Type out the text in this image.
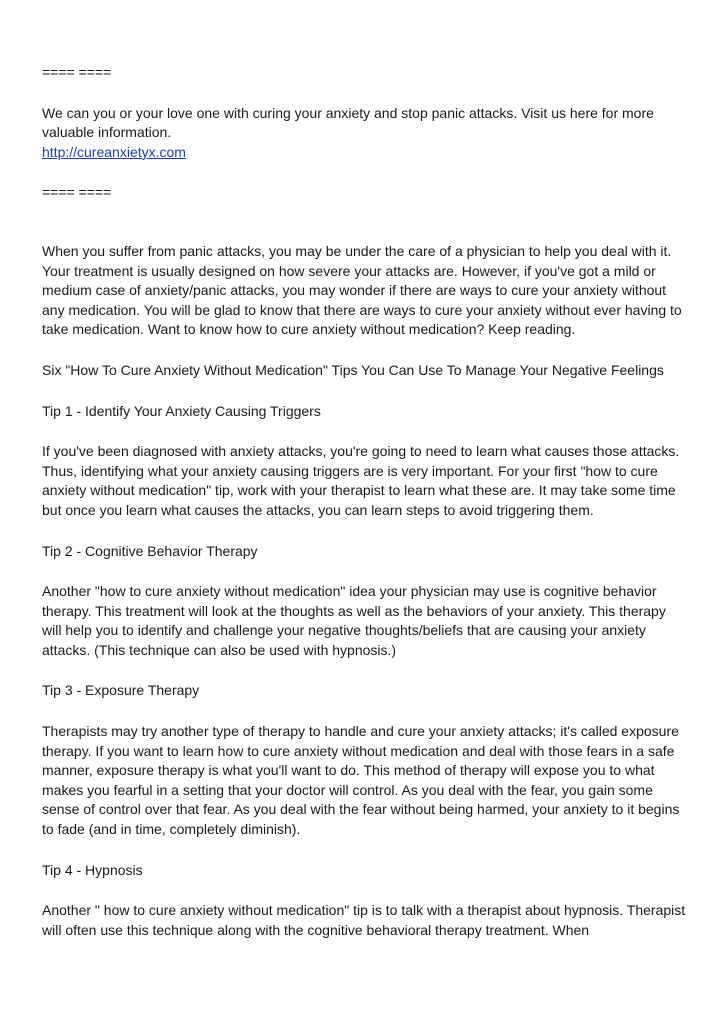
==== ====

We can you or your love one with curing your anxiety and stop panic attacks. Visit us here for more valuable information.

http://cureanxietyx.com

==== ====

When you suffer from panic attacks, you may be under the care of a physician to help you deal with it. Your treatment is usually designed on how severe your attacks are. However, if you've got a mild or medium case of anxiety/panic attacks, you may wonder if there are ways to cure your anxiety without any medication. You will be glad to know that there are ways to cure your anxiety without ever having to take medication. Want to know how to cure anxiety without medication? Keep reading.

Six "How To Cure Anxiety Without Medication" Tips You Can Use To Manage Your Negative Feelings

Tip 1 - Identify Your Anxiety Causing Triggers

If you've been diagnosed with anxiety attacks, you're going to need to learn what causes those attacks. Thus, identifying what your anxiety causing triggers are is very important. For your first "how to cure anxiety without medication" tip, work with your therapist to learn what these are. It may take some time but once you learn what causes the attacks, you can learn steps to avoid triggering them.

Tip 2 - Cognitive Behavior Therapy

Another "how to cure anxiety without medication" idea your physician may use is cognitive behavior therapy. This treatment will look at the thoughts as well as the behaviors of your anxiety. This therapy will help you to identify and challenge your negative thoughts/beliefs that are causing your anxiety attacks. (This technique can also be used with hypnosis.)

Tip 3 - Exposure Therapy

Therapists may try another type of therapy to handle and cure your anxiety attacks; it's called exposure therapy. If you want to learn how to cure anxiety without medication and deal with those fears in a safe manner, exposure therapy is what you'll want to do. This method of therapy will expose you to what makes you fearful in a setting that your doctor will control. As you deal with the fear, you gain some sense of control over that fear. As you deal with the fear without being harmed, your anxiety to it begins to fade (and in time, completely diminish).

Tip 4 - Hypnosis

Another " how to cure anxiety without medication" tip is to talk with a therapist about hypnosis. Therapist will often use this technique along with the cognitive behavioral therapy treatment. When
